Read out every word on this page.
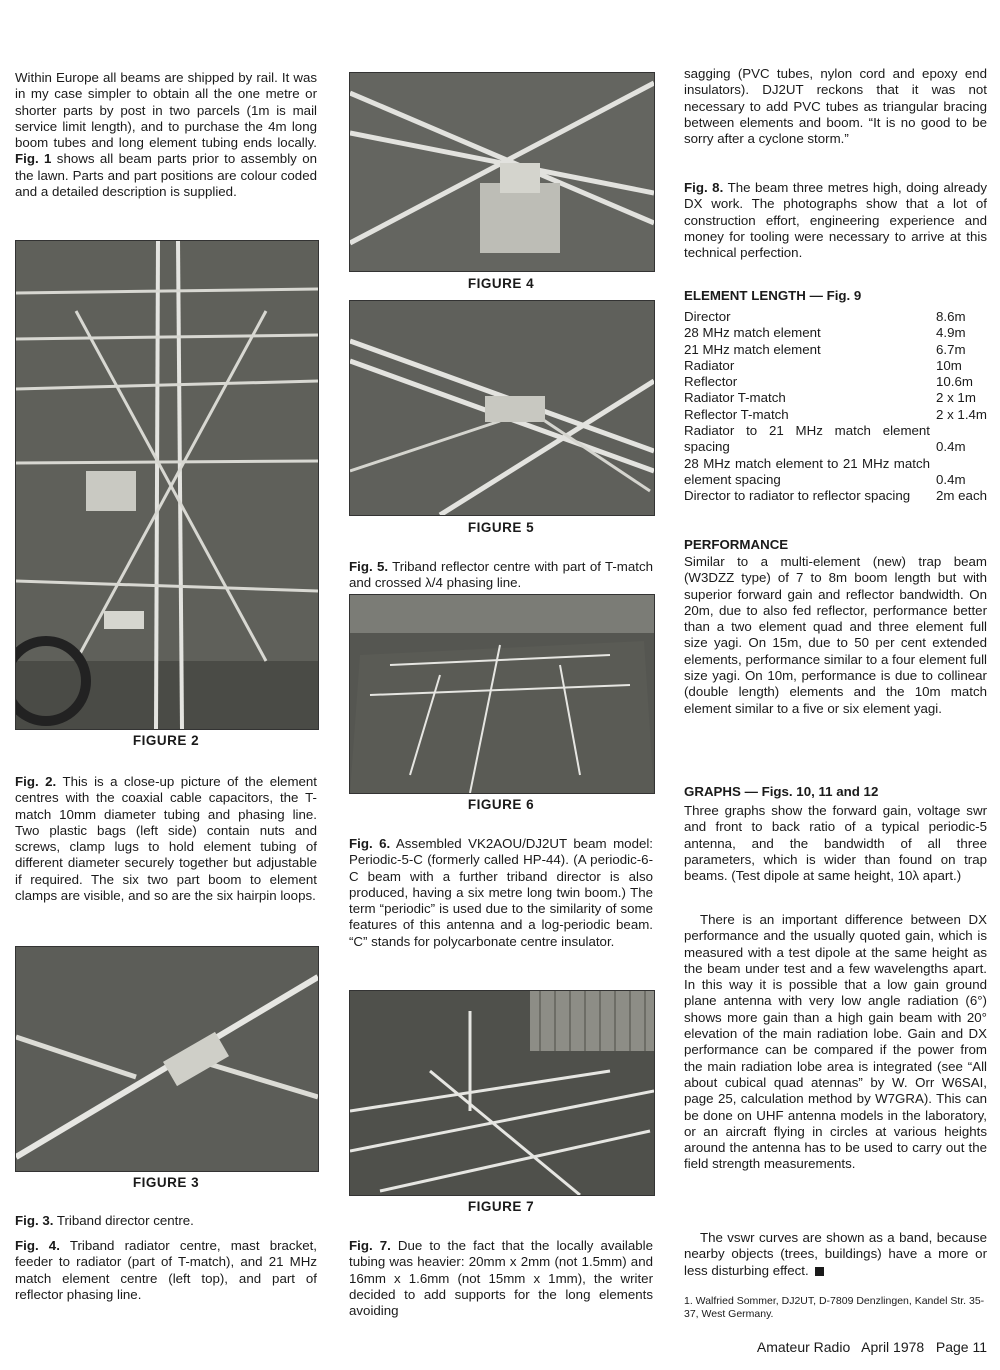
Within Europe all beams are shipped by rail. It was in my case simpler to obtain all the one metre or shorter parts by post in two parcels (1m is mail service limit length), and to purchase the 4m long boom tubes and long element tubing ends locally. Fig. 1 shows all beam parts prior to assembly on the lawn. Parts and part positions are colour coded and a detailed description is supplied.

FIGURE 2

Fig. 2. This is a close-up picture of the element centres with the coaxial cable capacitors, the T-match 10mm diameter tubing and phasing line. Two plastic bags (left side) contain nuts and screws, clamp lugs to hold element tubing of different diameter securely together but adjustable if required. The six two part boom to element clamps are visible, and so are the six hairpin loops.

FIGURE 3

Fig. 3. Triband director centre.

Fig. 4. Triband radiator centre, mast bracket, feeder to radiator (part of T-match), and 21 MHz match element centre (left top), and part of reflector phasing line.

FIGURE 4
FIGURE 5

Fig. 5. Triband reflector centre with part of T-match and crossed λ/4 phasing line.

FIGURE 6

Fig. 6. Assembled VK2AOU/DJ2UT beam model: Periodic-5-C (formerly called HP-44). (A periodic-6-C beam with a further triband director is also produced, having a six metre long twin boom.) The term “periodic” is used due to the similarity of some features of this antenna and a log-periodic beam. “C” stands for polycarbonate centre insulator.

FIGURE 7

Fig. 7. Due to the fact that the locally available tubing was heavier: 20mm x 2mm (not 1.5mm) and 16mm x 1.6mm (not 15mm x 1mm), the writer decided to add supports for the long elements avoiding

sagging (PVC tubes, nylon cord and epoxy end insulators). DJ2UT reckons that it was not necessary to add PVC tubes as triangular bracing between elements and boom. “It is no good to be sorry after a cyclone storm.”

Fig. 8. The beam three metres high, doing already DX work. The photographs show that a lot of construction effort, engineering experience and money for tooling were necessary to arrive at this technical perfection.

ELEMENT LENGTH — Fig. 9
Director	8.6m
28 MHz match element	4.9m
21 MHz match element	6.7m
Radiator	10m
Reflector	10.6m
Radiator T-match	2 x 1m
Reflector T-match	2 x 1.4m
Radiator to 21 MHz match element spacing	0.4m
28 MHz match element to 21 MHz match element spacing	0.4m
Director to radiator to reflector spacing	2m each
PERFORMANCE

Similar to a multi-element (new) trap beam (W3DZZ type) of 7 to 8m boom length but with superior forward gain and reflector bandwidth. On 20m, due to also fed reflector, performance better than a two element quad and three element full size yagi. On 15m, due to 50 per cent extended elements, performance similar to a four element full size yagi. On 10m, performance is due to collinear (double length) elements and the 10m match element similar to a five or six element yagi.

GRAPHS — Figs. 10, 11 and 12

Three graphs show the forward gain, voltage swr and front to back ratio of a typical periodic-5 antenna, and the bandwidth of all three parameters, which is wider than found on trap beams. (Test dipole at same height, 10λ apart.)

There is an important difference between DX performance and the usually quoted gain, which is measured with a test dipole at the same height as the beam under test and a few wavelengths apart. In this way it is possible that a low gain ground plane antenna with very low angle radiation (6°) shows more gain than a high gain beam with 20° elevation of the main radiation lobe. Gain and DX performance can be compared if the power from the main radiation lobe area is integrated (see “All about cubical quad atennas” by W. Orr W6SAI, page 25, calculation method by W7GRA). This can be done on UHF antenna models in the laboratory, or an aircraft flying in circles at various heights around the antenna has to be used to carry out the field strength measurements.

The vswr curves are shown as a band, because nearby objects (trees, buildings) have a more or less disturbing effect.

1. Walfried Sommer, DJ2UT, D-7809 Denzlingen, Kandel Str. 35-37, West Germany.
Amateur Radio April 1978 Page 11
